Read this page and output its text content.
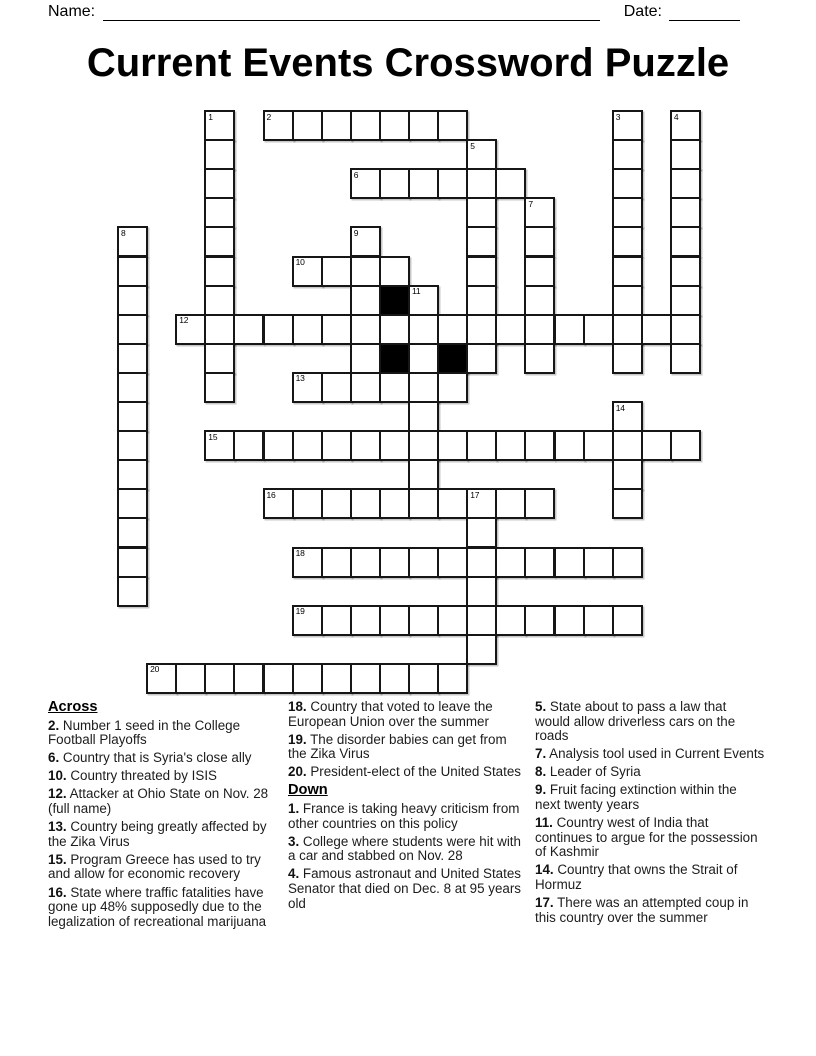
Name:	Date:
Current Events Crossword Puzzle
1	2	3	4
5
6
7
8	9
10
11
12
13
14
15
16	17
18
19
20
Across

2. Number 1 seed in the College Football Playoffs

6. Country that is Syria's close ally

10. Country threated by ISIS

12. Attacker at Ohio State on Nov. 28 (full name)

13. Country being greatly affected by the Zika Virus

15. Program Greece has used to try and allow for economic recovery

16. State where traffic fatalities have gone up 48% supposedly due to the legalization of recreational marijuana

18. Country that voted to leave the European Union over the summer

19. The disorder babies can get from the Zika Virus

20. President-elect of the United States

Down

1. France is taking heavy criticism from other countries on this policy

3. College where students were hit with a car and stabbed on Nov. 28

4. Famous astronaut and United States Senator that died on Dec. 8 at 95 years old

5. State about to pass a law that would allow driverless cars on the roads

7. Analysis tool used in Current Events

8. Leader of Syria

9. Fruit facing extinction within the next twenty years

11. Country west of India that continues to argue for the possession of Kashmir

14. Country that owns the Strait of Hormuz

17. There was an attempted coup in this country over the summer
